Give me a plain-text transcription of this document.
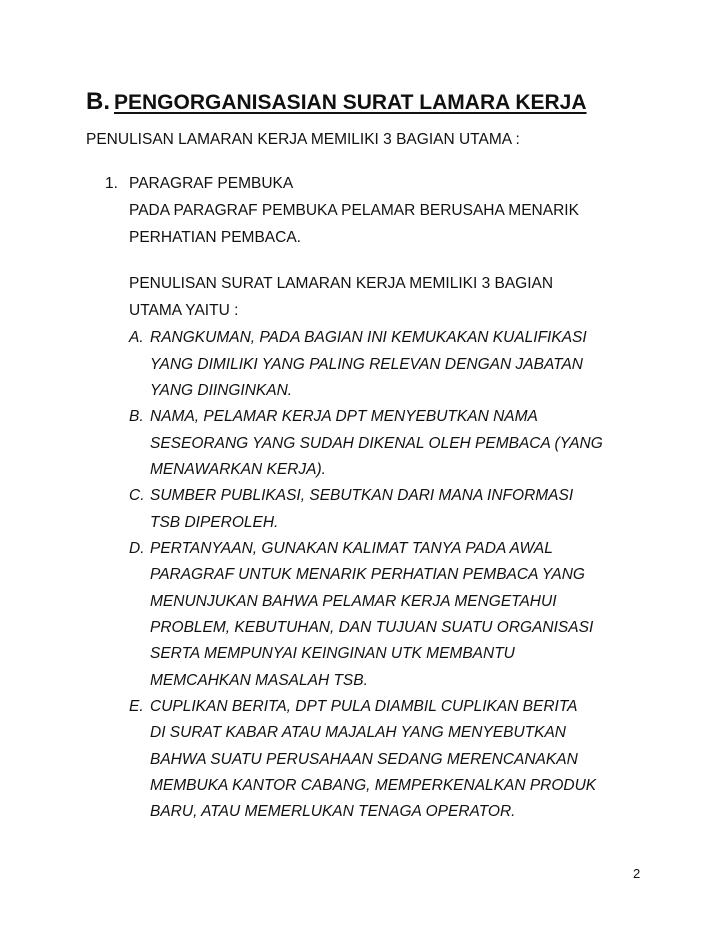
B. PENGORGANISASIAN SURAT LAMARA KERJA
PENULISAN LAMARAN KERJA MEMILIKI 3 BAGIAN UTAMA :
1. PARAGRAF PEMBUKA
PADA PARAGRAF PEMBUKA PELAMAR BERUSAHA MENARIK
PERHATIAN PEMBACA.
PENULISAN SURAT LAMARAN KERJA MEMILIKI 3 BAGIAN
UTAMA YAITU :
A. RANGKUMAN, PADA BAGIAN INI KEMUKAKAN KUALIFIKASI
YANG DIMILIKI YANG PALING RELEVAN DENGAN JABATAN
YANG DIINGINKAN.
B. NAMA, PELAMAR KERJA DPT MENYEBUTKAN NAMA
SESEORANG YANG SUDAH DIKENAL OLEH PEMBACA (YANG
MENAWARKAN KERJA).
C. SUMBER PUBLIKASI, SEBUTKAN DARI MANA INFORMASI
TSB DIPEROLEH.
D. PERTANYAAN, GUNAKAN KALIMAT TANYA PADA AWAL
PARAGRAF UNTUK MENARIK PERHATIAN PEMBACA YANG
MENUNJUKAN BAHWA PELAMAR KERJA MENGETAHUI
PROBLEM, KEBUTUHAN, DAN TUJUAN SUATU ORGANISASI
SERTA MEMPUNYAI KEINGINAN UTK MEMBANTU
MEMCAHKAN MASALAH TSB.
E. CUPLIKAN BERITA, DPT PULA DIAMBIL CUPLIKAN BERITA
DI SURAT KABAR ATAU MAJALAH YANG MENYEBUTKAN
BAHWA SUATU PERUSAHAAN SEDANG MERENCANAKAN
MEMBUKA KANTOR CABANG, MEMPERKENALKAN PRODUK
BARU, ATAU MEMERLUKAN TENAGA OPERATOR.
2
